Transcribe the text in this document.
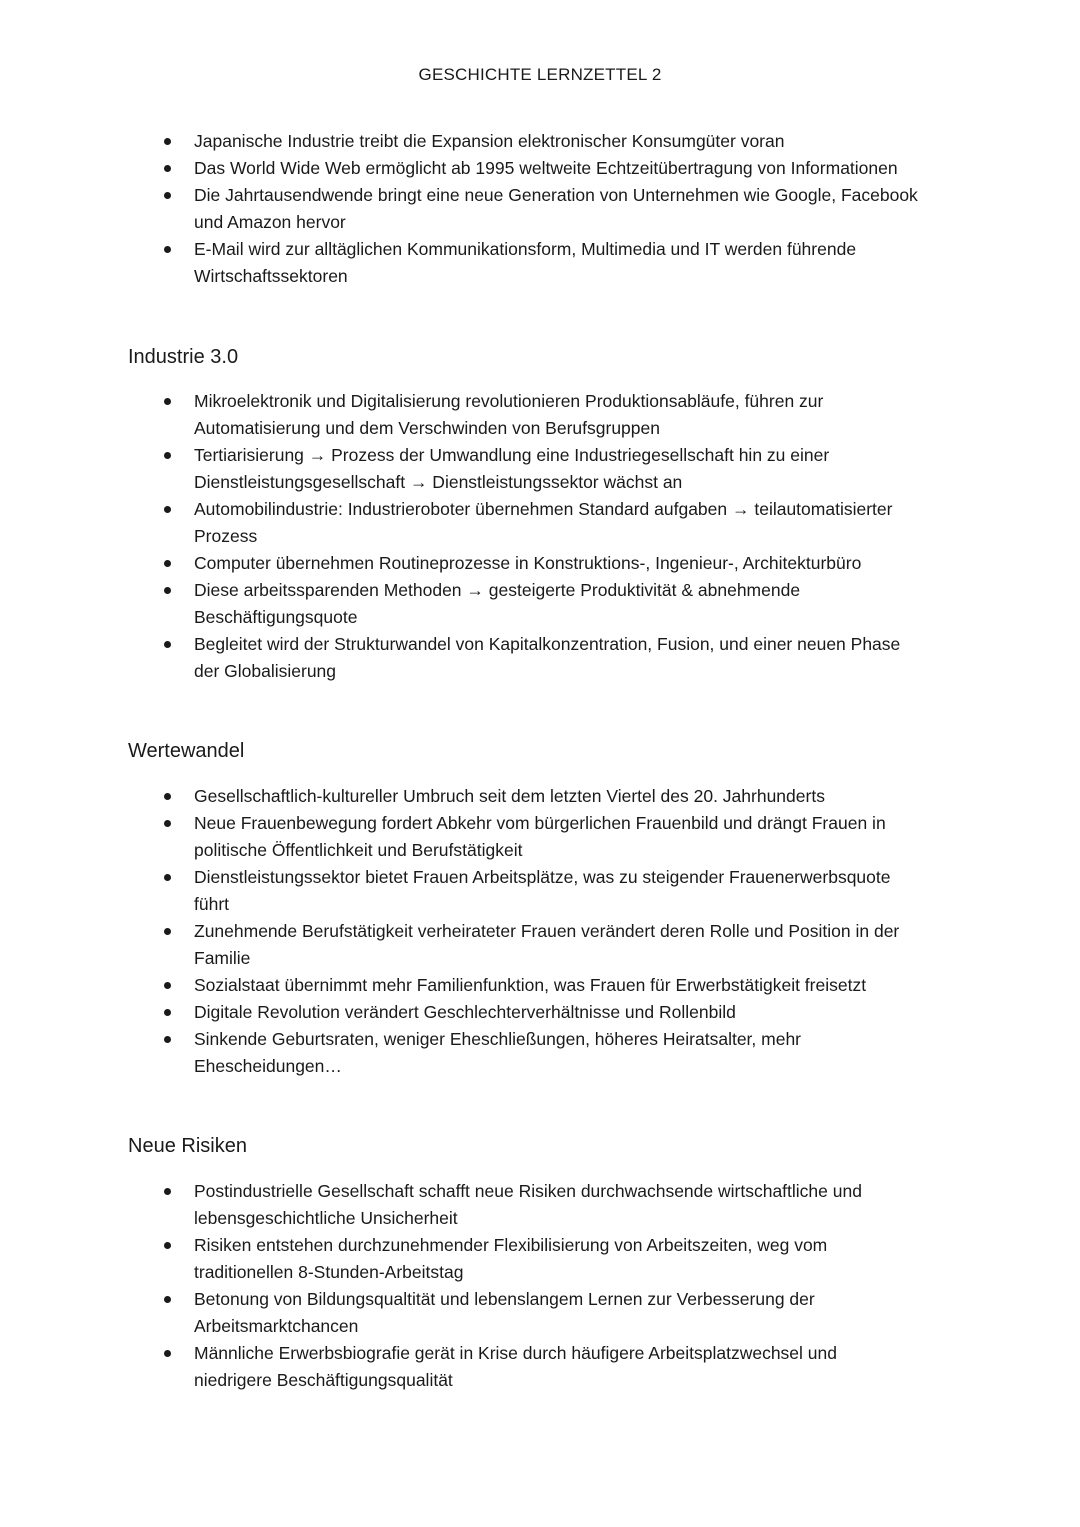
GESCHICHTE LERNZETTEL 2
Japanische Industrie treibt die Expansion elektronischer Konsumgüter voran
Das World Wide Web ermöglicht ab 1995 weltweite Echtzeitübertragung von Informationen
Die Jahrtausendwende bringt eine neue Generation von Unternehmen wie Google, Facebook
und Amazon hervor
E-Mail wird zur alltäglichen Kommunikationsform, Multimedia und IT werden führende
Wirtschaftssektoren
Industrie 3.0
Mikroelektronik und Digitalisierung revolutionieren Produktionsabläufe, führen zur
Automatisierung und dem Verschwinden von Berufsgruppen
Tertiarisierung → Prozess der Umwandlung eine Industriegesellschaft hin zu einer
Dienstleistungsgesellschaft → Dienstleistungssektor wächst an
Automobilindustrie: Industrieroboter übernehmen Standard aufgaben → teilautomatisierter
Prozess
Computer übernehmen Routineprozesse in Konstruktions-, Ingenieur-, Architekturbüro
Diese arbeitssparenden Methoden → gesteigerte Produktivität & abnehmende
Beschäftigungsquote
Begleitet wird der Strukturwandel von Kapitalkonzentration, Fusion, und einer neuen Phase
der Globalisierung
Wertewandel
Gesellschaftlich-kultureller Umbruch seit dem letzten Viertel des 20. Jahrhunderts
Neue Frauenbewegung fordert Abkehr vom bürgerlichen Frauenbild und drängt Frauen in
politische Öffentlichkeit und Berufstätigkeit
Dienstleistungssektor bietet Frauen Arbeitsplätze, was zu steigender Frauenerwerbsquote
führt
Zunehmende Berufstätigkeit verheirateter Frauen verändert deren Rolle und Position in der
Familie
Sozialstaat übernimmt mehr Familienfunktion, was Frauen für Erwerbstätigkeit freisetzt
Digitale Revolution verändert Geschlechterverhältnisse und Rollenbild
Sinkende Geburtsraten, weniger Eheschließungen, höheres Heiratsalter, mehr
Ehescheidungen…
Neue Risiken
Postindustrielle Gesellschaft schafft neue Risiken durchwachsende wirtschaftliche und
lebensgeschichtliche Unsicherheit
Risiken entstehen durchzunehmender Flexibilisierung von Arbeitszeiten, weg vom
traditionellen 8-Stunden-Arbeitstag
Betonung von Bildungsqualtität und lebenslangem Lernen zur Verbesserung der
Arbeitsmarktchancen
Männliche Erwerbsbiografie gerät in Krise durch häufigere Arbeitsplatzwechsel und
niedrigere Beschäftigungsqualität
